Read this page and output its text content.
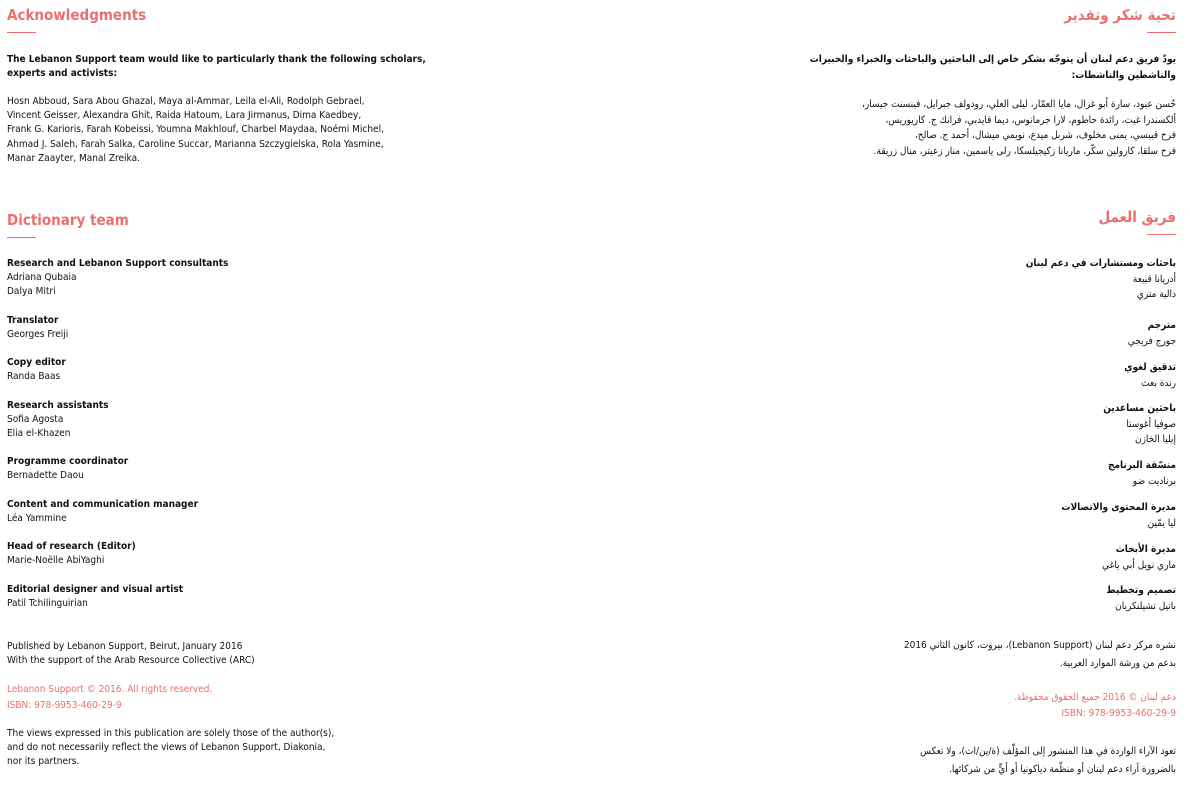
Acknowledgments	تحية شكر وتقدير
The Lebanon Support team would like to particularly thank the following scholars,
experts and activists:
يودّ فريق دعم لبنان أن يتوجّه بشكر خاص إلى الباحثين والباحثات والخبراء والخبيرات
والناشطين والناشطات:
Hosn Abboud, Sara Abou Ghazal, Maya al-Ammar, Leila el-Ali, Rodolph Gebrael,
Vincent Geisser, Alexandra Ghit, Raida Hatoum, Lara Jirmanus, Dima Kaedbey,
Frank G. Karioris, Farah Kobeissi, Youmna Makhlouf, Charbel Maydaa, Noémi Michel,
Ahmad J. Saleh, Farah Salka, Caroline Succar, Marianna Szczygielska, Rola Yasmine,
Manar Zaayter, Manal Zreika.
حُسن عبود، سارة أبو غزال، مايا العمّار، ليلى العلي، رودولف جبرايل، فينسنت جيسار،
ألكسندرا غيت، رائدة حاطوم، لارا جرمانوس، ديما قايدبي، فرانك ج. كاريوريس،
فرح قبيسي، يمنى مخلوف، شربل ميدع، نويمي ميشال، أحمد ج. صالح،
فرح سلقا، كارولين سكّر، ماريانا زكيجيلسكا، رلى ياسمين، منار زعيتر، منال زريقة.
Dictionary team	فريق العمل
Research and Lebanon Support consultants
Adriana Qubaia
Dalya Mitri
Translator
Georges Freiji
Copy editor
Randa Baas
Research assistants
Sofia Agosta
Elia el-Khazen
Programme coordinator
Bernadette Daou
Content and communication manager
Léa Yammine
Head of research (Editor)
Marie-Noëlle AbiYaghi
Editorial designer and visual artist
Patil Tchilinguirian
باحثات ومستشارات في دعم لبنان
أدريانا قبيعة
دالية متري
مترجم
جورج فريجي
تدقيق لغوي
رندة بعث
باحثين مساعدين
صوفيا أغوستا
إيليا الخازن
منسّقة البرنامج
برناديت ضو
مديرة المحتوى والاتصالات
ليا يمّين
مديرة الأبحاث
ماري نويل أبي ياغي
تصميم وتخطيط
باتيل تشيلنكريان
Published by Lebanon Support, Beirut, January 2016
With the support of the Arab Resource Collective (ARC)
Lebanon Support © 2016. All rights reserved.
ISBN: 978-9953-460-29-9
The views expressed in this publication are solely those of the author(s),
and do not necessarily reflect the views of Lebanon Support, Diakonia,
nor its partners.
نشره مركز دعم لبنان (Lebanon Support)، بيروت، كانون الثاني 2016
بدعم من ورشة الموارد العربية.
دعم لبنان © 2016 جميع الحقوق محفوظة.
ISBN: 978-9953-460-29-9
تعود الآراء الواردة في هذا المنشور إلى المؤلّف (ة/ين/ات)، ولا تعكس
بالضرورة آراء دعم لبنان أو منظّمة دياكونيا أو أيٍّ من شركائها.
